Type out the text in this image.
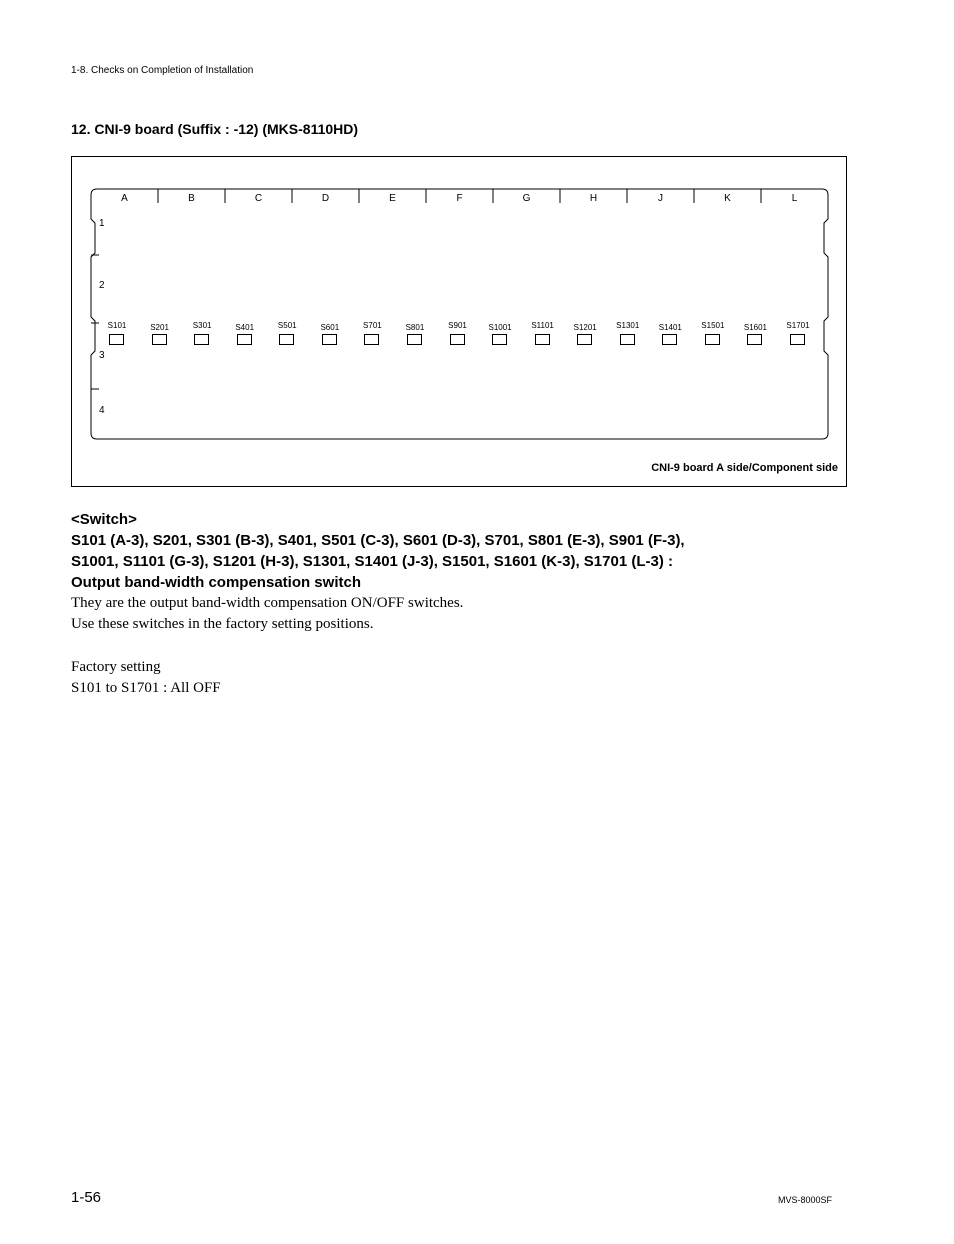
1-8. Checks on Completion of Installation
12. CNI-9 board (Suffix : -12) (MKS-8110HD)
A	B	C	D	E	F	G	H	J	K	L
1
2
3
4
S101	S201	S301	S401	S501	S601	S701	S801	S901	S1001	S1101	S1201	S1301	S1401	S1501	S1601	S1701
CNI-9 board A side/Component side
<Switch>
S101 (A-3), S201, S301 (B-3), S401, S501 (C-3), S601 (D-3), S701, S801 (E-3), S901 (F-3),
S1001, S1101 (G-3), S1201 (H-3), S1301, S1401 (J-3), S1501, S1601 (K-3), S1701 (L-3) :
Output band-width compensation switch
They are the output band-width compensation ON/OFF switches.
Use these switches in the factory setting positions.
Factory setting
S101 to S1701 : All OFF
1-56	MVS-8000SF
